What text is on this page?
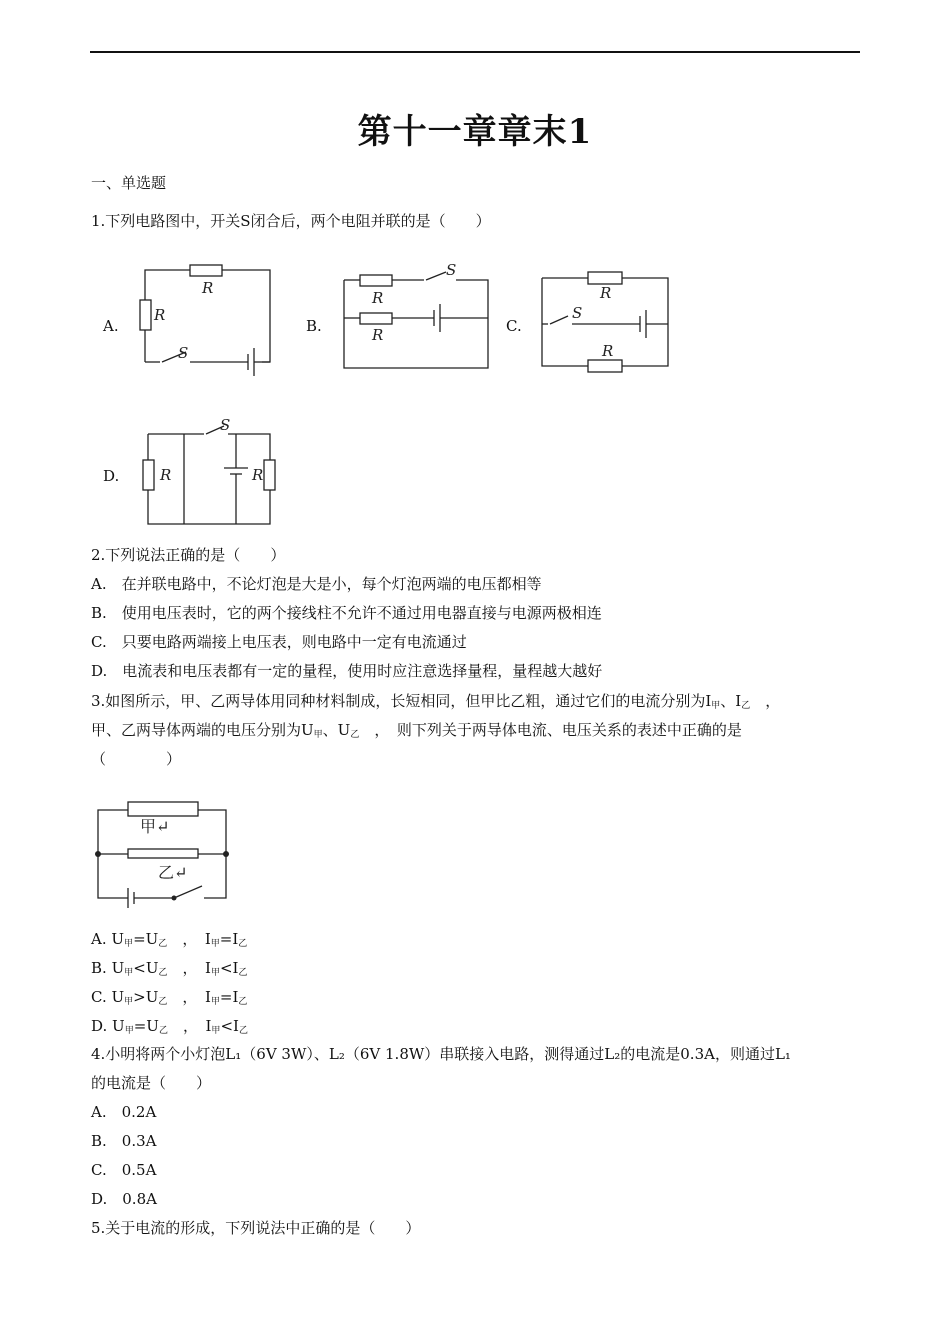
第十一章章末1
一、单选题
1.下列电路图中，开关S闭合后，两个电阻并联的是（　　）
A.
R
R
S
B.
R
R
S
C.
R
R
S
D.	R	R
S
2.下列说法正确的是（　　）
A.　在并联电路中，不论灯泡是大是小，每个灯泡两端的电压都相等
B.　使用电压表时，它的两个接线柱不允许不通过用电器直接与电源两极相连
C.　只要电路两端接上电压表，则电路中一定有电流通过
D.　电流表和电压表都有一定的量程，使用时应注意选择量程，量程越大越好
3.如图所示，甲、乙两导体用同种材料制成，长短相同，但甲比乙粗，通过它们的电流分别为$Ⅰ_甲$、$Ⅰ_乙$　，
甲、乙两导体两端的电压分别为$U_甲$、$U_乙$　，　则下列关于两导体电流、电压关系的表述中正确的是
（　　　　）
甲↵
乙↵
A. $U_甲=U_乙$　，　$Ⅰ_甲=Ⅰ_乙$
B. $U_甲<U_乙$　，　$Ⅰ_甲<Ⅰ_乙$
C. $U_甲>U_乙$　，　$Ⅰ_甲=Ⅰ_乙$
D. $U_甲=U_乙$　，　$Ⅰ_甲<Ⅰ_乙$
4.小明将两个小灯泡L₁（6V 3W）、L₂（6V 1.8W）串联接入电路，测得通过L₂的电流是0.3A，则通过L₁
的电流是（　　）
A.　0.2A
B.　0.3A
C.　0.5A
D.　0.8A
5.关于电流的形成，下列说法中正确的是（　　）
